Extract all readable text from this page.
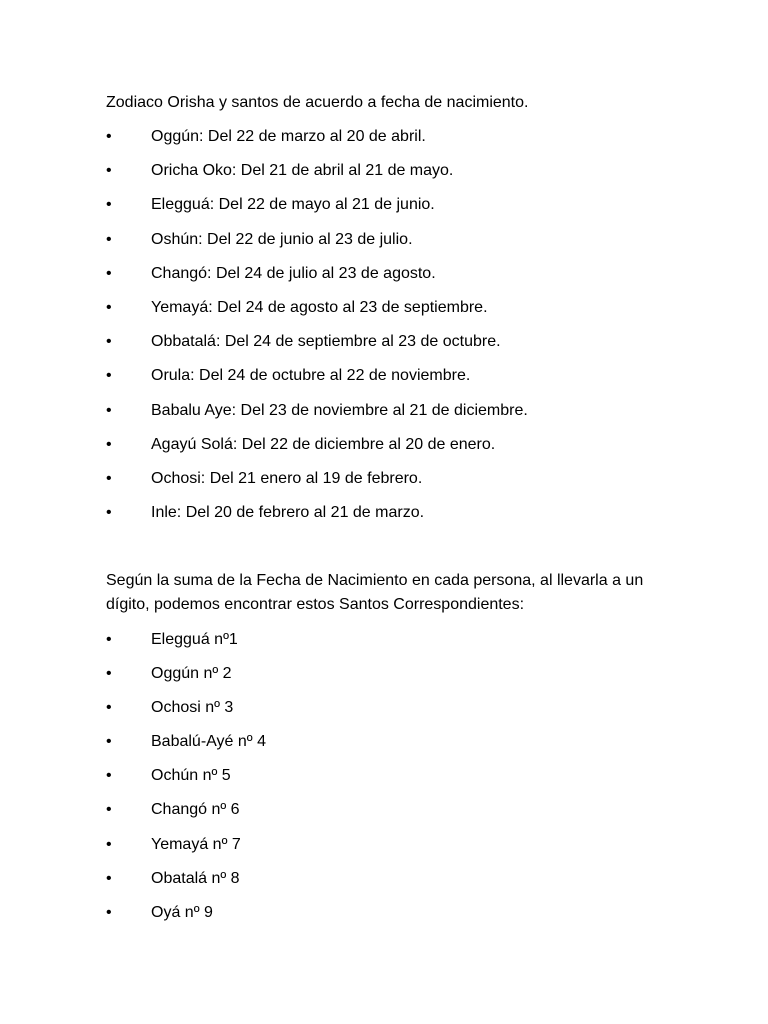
Zodiaco Orisha y santos de acuerdo a fecha de nacimiento.

•	Oggún: Del 22 de marzo al 20 de abril.
•	Oricha Oko: Del 21 de abril al 21 de mayo.
•	Elegguá: Del 22 de mayo al 21 de junio.
•	Oshún: Del 22 de junio al 23 de julio.
•	Changó: Del 24 de julio al 23 de agosto.
•	Yemayá: Del 24 de agosto al 23 de septiembre.
•	Obbatalá: Del 24 de septiembre al 23 de octubre.
•	Orula: Del 24 de octubre al 22 de noviembre.
•	Babalu Aye: Del 23 de noviembre al 21 de diciembre.
•	Agayú Solá: Del 22 de diciembre al 20 de enero.
•	Ochosi: Del 21 enero al 19 de febrero.
•	Inle: Del 20 de febrero al 21 de marzo.

Según la suma de la Fecha de Nacimiento en cada persona, al llevarla a un dígito, podemos encontrar estos Santos Correspondientes:

•	Elegguá nº1
•	Oggún nº 2
•	Ochosi nº 3
•	Babalú-Ayé nº 4
•	Ochún nº 5
•	Changó nº 6
•	Yemayá nº 7
•	Obatalá nº 8
•	Oyá nº 9
